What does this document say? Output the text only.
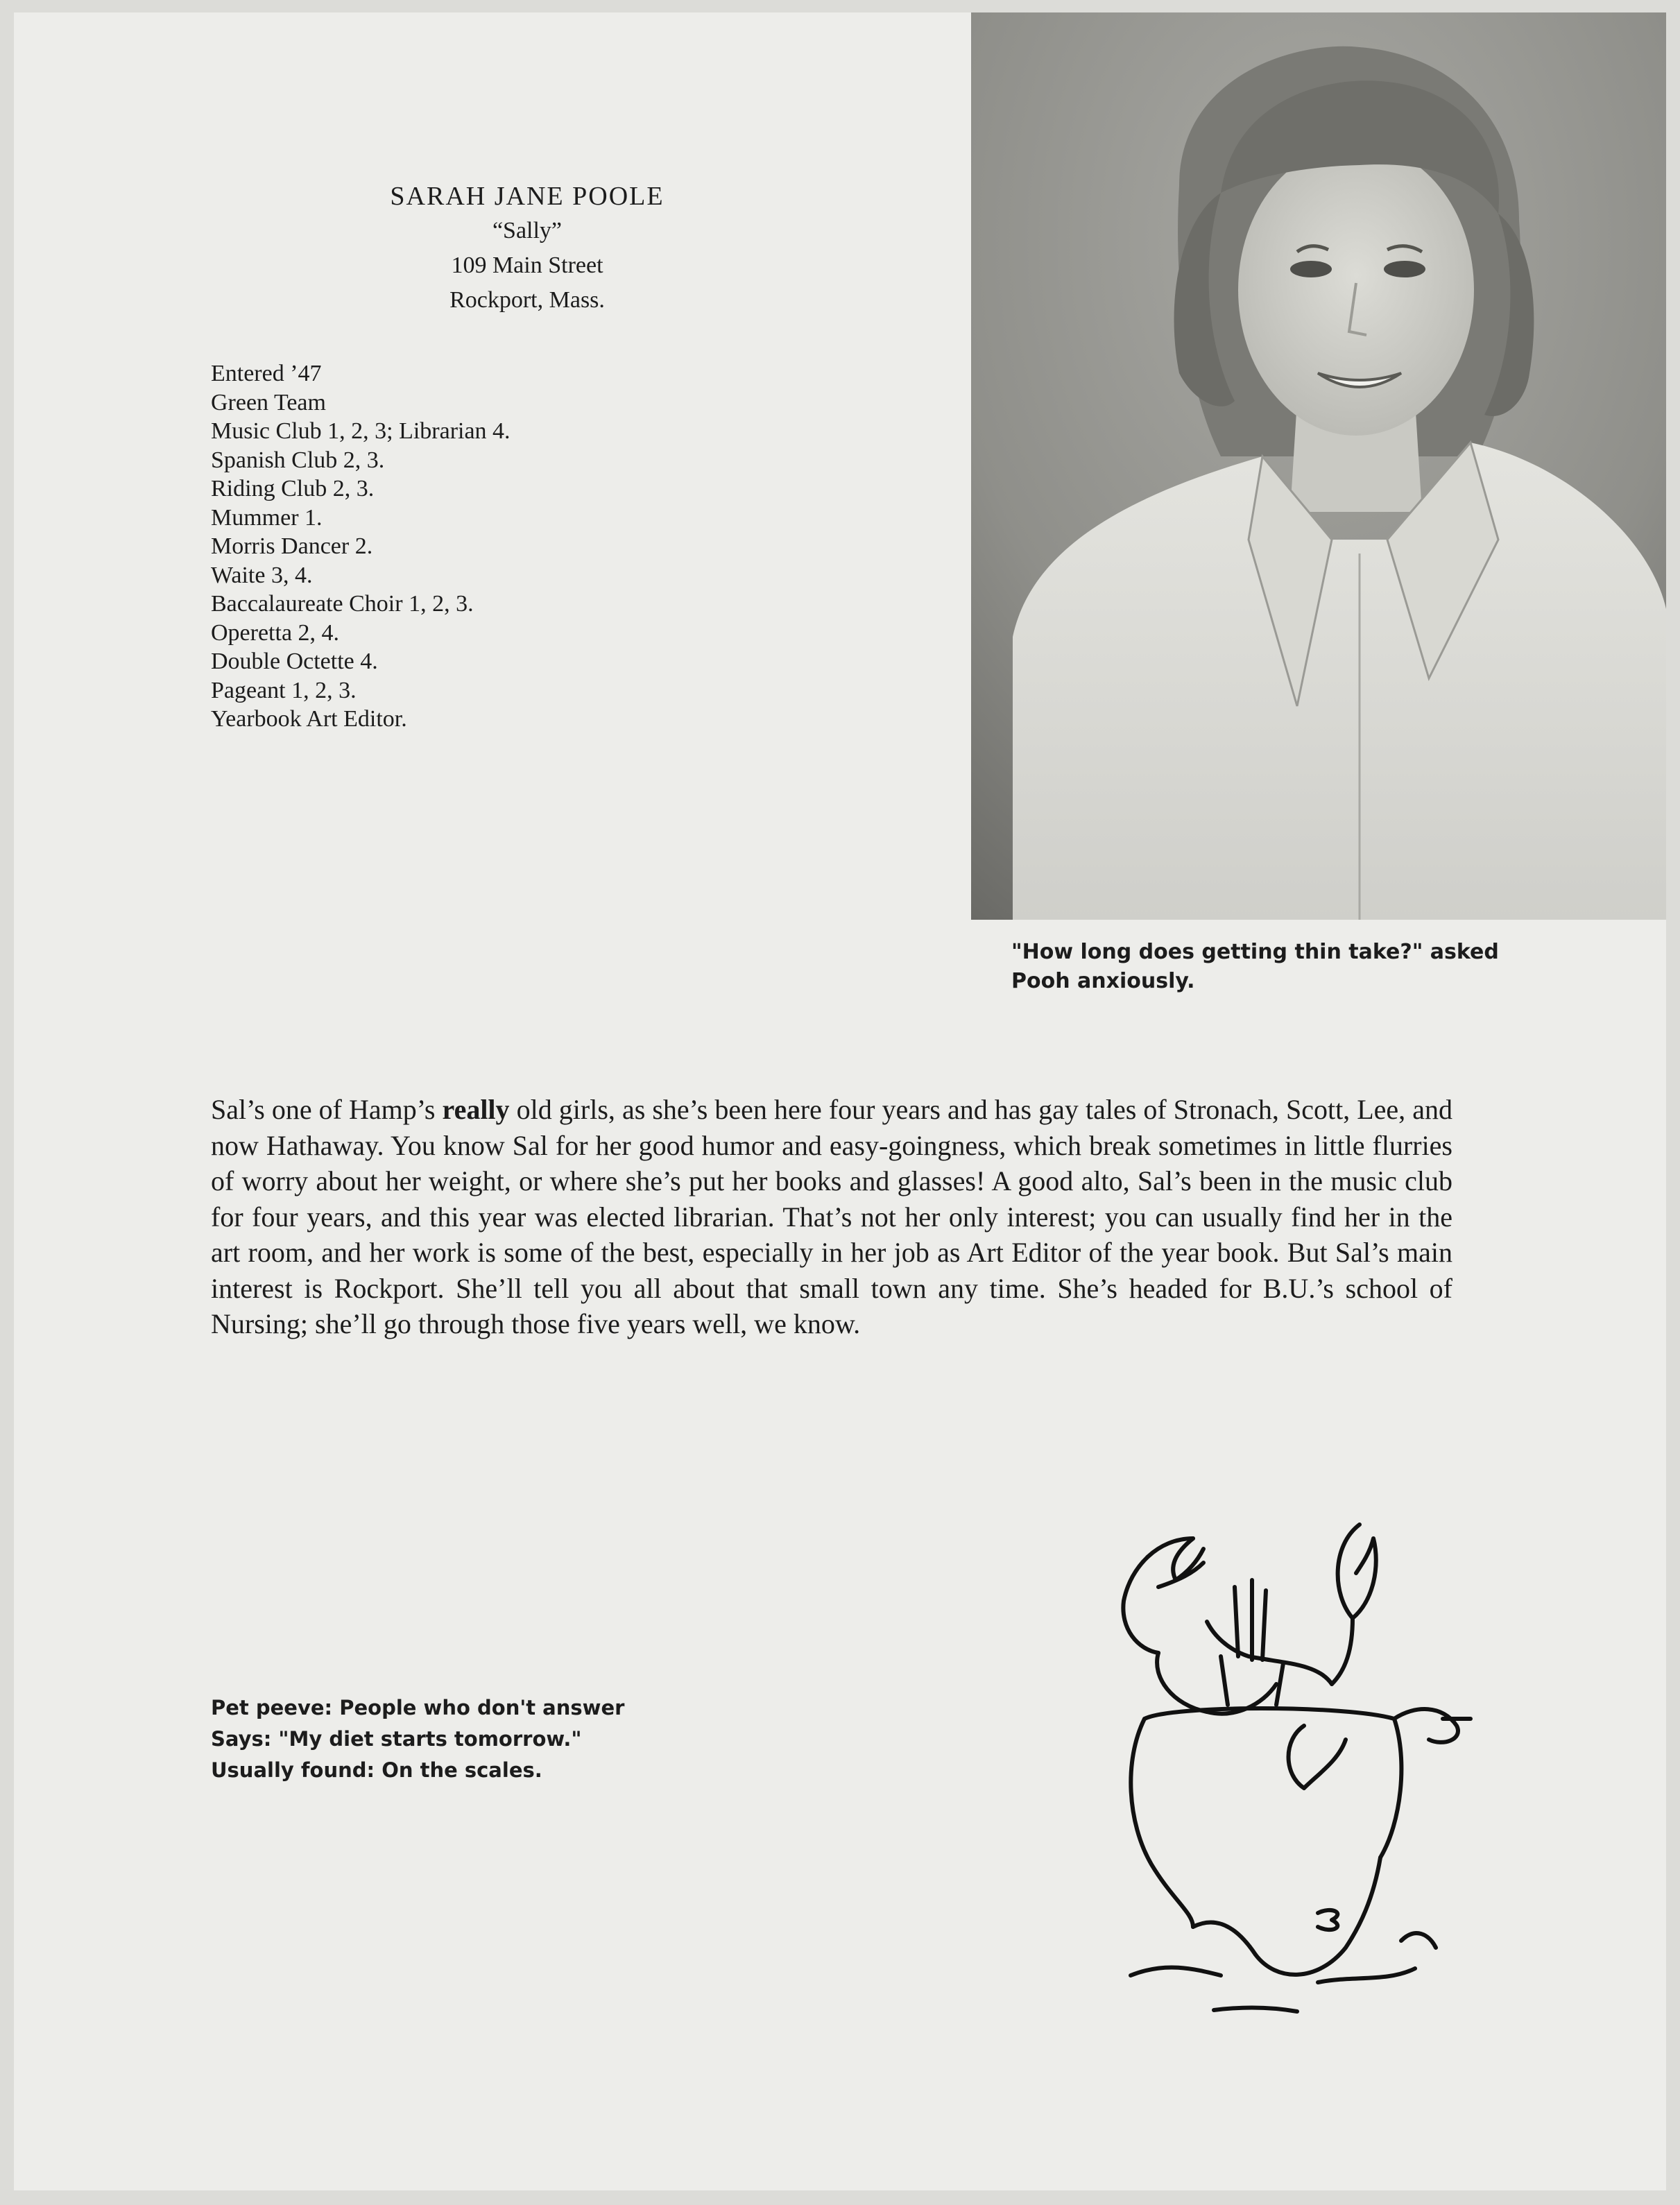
SARAH JANE POOLE
“Sally”
109 Main Street
Rockport, Mass.
Entered ’47
Green Team
Music Club 1, 2, 3; Librarian 4.
Spanish Club 2, 3.
Riding Club 2, 3.
Mummer 1.
Morris Dancer 2.
Waite 3, 4.
Baccalaureate Choir 1, 2, 3.
Operetta 2, 4.
Double Octette 4.
Pageant 1, 2, 3.
Yearbook Art Editor.
"How long does getting thin take?" asked
Pooh anxiously.

Sal’s one of Hamp’s really old girls, as she’s been here four years and has gay tales of Stronach, Scott, Lee, and now Hathaway. You know Sal for her good humor and easy-goingness, which break sometimes in little flurries of worry about her weight, or where she’s put her books and glasses! A good alto, Sal’s been in the music club for four years, and this year was elected librarian. That’s not her only interest; you can usually find her in the art room, and her work is some of the best, especially in her job as Art Editor of the year book. But Sal’s main interest is Rockport. She’ll tell you all about that small town any time. She’s headed for B.U.’s school of Nursing; she’ll go through those five years well, we know.

Pet peeve: People who don't answer
Says: "My diet starts tomorrow."
Usually found: On the scales.
